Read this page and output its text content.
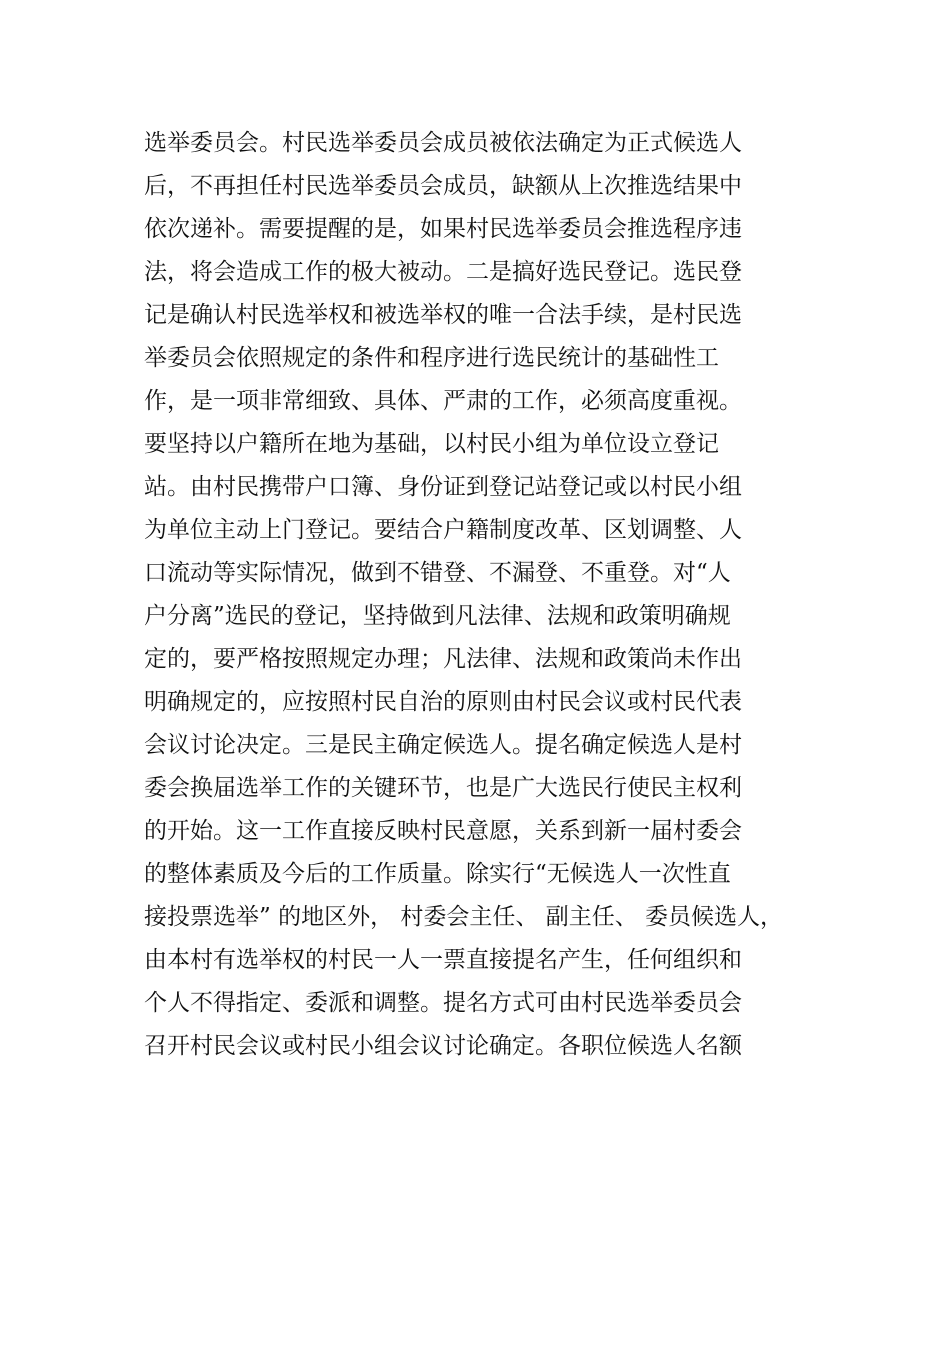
选举委员会。村民选举委员会成员被依法确定为正式候选人
后，不再担任村民选举委员会成员，缺额从上次推选结果中
依次递补。需要提醒的是，如果村民选举委员会推选程序违
法，将会造成工作的极大被动。二是搞好选民登记。选民登
记是确认村民选举权和被选举权的唯一合法手续，是村民选
举委员会依照规定的条件和程序进行选民统计的基础性工
作，是一项非常细致、具体、严肃的工作，必须高度重视。
要坚持以户籍所在地为基础，以村民小组为单位设立登记
站。由村民携带户口簿、身份证到登记站登记或以村民小组
为单位主动上门登记。要结合户籍制度改革、区划调整、人
口流动等实际情况，做到不错登、不漏登、不重登。对“人
户分离”选民的登记，坚持做到凡法律、法规和政策明确规
定的，要严格按照规定办理；凡法律、法规和政策尚未作出
明确规定的，应按照村民自治的原则由村民会议或村民代表
会议讨论决定。三是民主确定候选人。提名确定候选人是村
委会换届选举工作的关键环节，也是广大选民行使民主权利
的开始。这一工作直接反映村民意愿，关系到新一届村委会
的整体素质及今后的工作质量。除实行“无候选人一次性直
接投票选举” 的地区外， 村委会主任、 副主任、 委员候选人，
由本村有选举权的村民一人一票直接提名产生，任何组织和
个人不得指定、委派和调整。提名方式可由村民选举委员会
召开村民会议或村民小组会议讨论确定。各职位候选人名额
